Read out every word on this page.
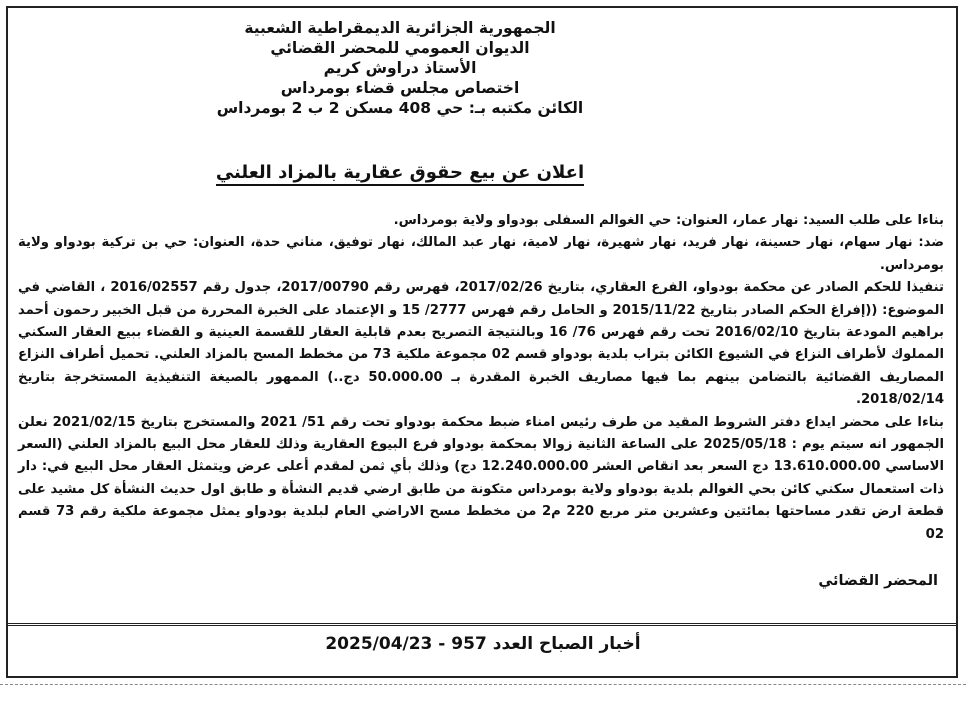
الجمهورية الجزائرية الديمقراطية الشعبية
الديوان العمومي للمحضر القضائي
الأستاذ دراوش كريم
اختصاص مجلس قضاء بومرداس
الكائن مكتبه بـ: حي 408 مسكن 2 ب 2 بومرداس
اعلان عن بيع حقوق عقارية بالمزاد العلني

بناءا على طلب السيد: نهار عمار، العنوان: حي الغوالم السفلى بودواو ولاية بومرداس.

ضد: نهار سهام، نهار حسينة، نهار فريد، نهار شهيرة، نهار لامية، نهار عبد المالك، نهار توفيق، مناني حدة، العنوان: حي بن تركية بودواو ولاية بومرداس.

تنفيذا للحكم الصادر عن محكمة بودواو، الفرع العقاري، بتاريخ 2017/02/26، فهرس رقم 2017/00790، جدول رقم 2016/02557 ، القاضي في الموضوع: ((إفراغ الحكم الصادر بتاريخ 2015/11/22 و الحامل رقم فهرس 2777/ 15 و الإعتماد على الخبرة المحررة من قبل الخبير رحمون أحمد براهيم المودعة بتاريخ 2016/02/10 تحت رقم فهرس 76/ 16 وبالنتيجة التصريح بعدم قابلية العقار للقسمة العينية و القضاء ببيع العقار السكني المملوك لأطراف النزاع في الشيوع الكائن بتراب بلدية بودواو قسم 02 مجموعة ملكية 73 من مخطط المسح بالمزاد العلني. تحميل أطراف النزاع المصاريف القضائية بالتضامن بينهم بما فيها مصاريف الخبرة المقدرة بـ 50.000.00 دج..) الممهور بالصيغة التنفيذية المستخرجة بتاريخ 2018/02/14.

بناءا على محضر ايداع دفتر الشروط المقيد من طرف رئيس امناء ضبط محكمة بودواو تحت رقم 51/ 2021 والمستخرج بتاريخ 2021/02/15 نعلن الجمهور انه سيتم يوم : 2025/05/18 على الساعة الثانية زوالا بمحكمة بودواو فرع البيوع العقارية وذلك للعقار محل البيع بالمزاد العلني (السعر الاساسي 13.610.000.00 دج السعر بعد انقاص العشر 12.240.000.00 دج) وذلك بأي ثمن لمقدم أعلى عرض ويتمثل العقار محل البيع في: دار ذات استعمال سكني كائن بحي الغوالم بلدية بودواو ولاية بومرداس متكونة من طابق ارضي قديم النشأة و طابق اول حديث النشأة كل مشيد على قطعة ارض تقدر مساحتها بمائتين وعشرين متر مربع 220 م2 من مخطط مسح الاراضي العام لبلدية بودواو يمثل مجموعة ملكية رقم 73 قسم 02

المحضر القضائي
أخبار الصباح العدد 957 - 2025/04/23
